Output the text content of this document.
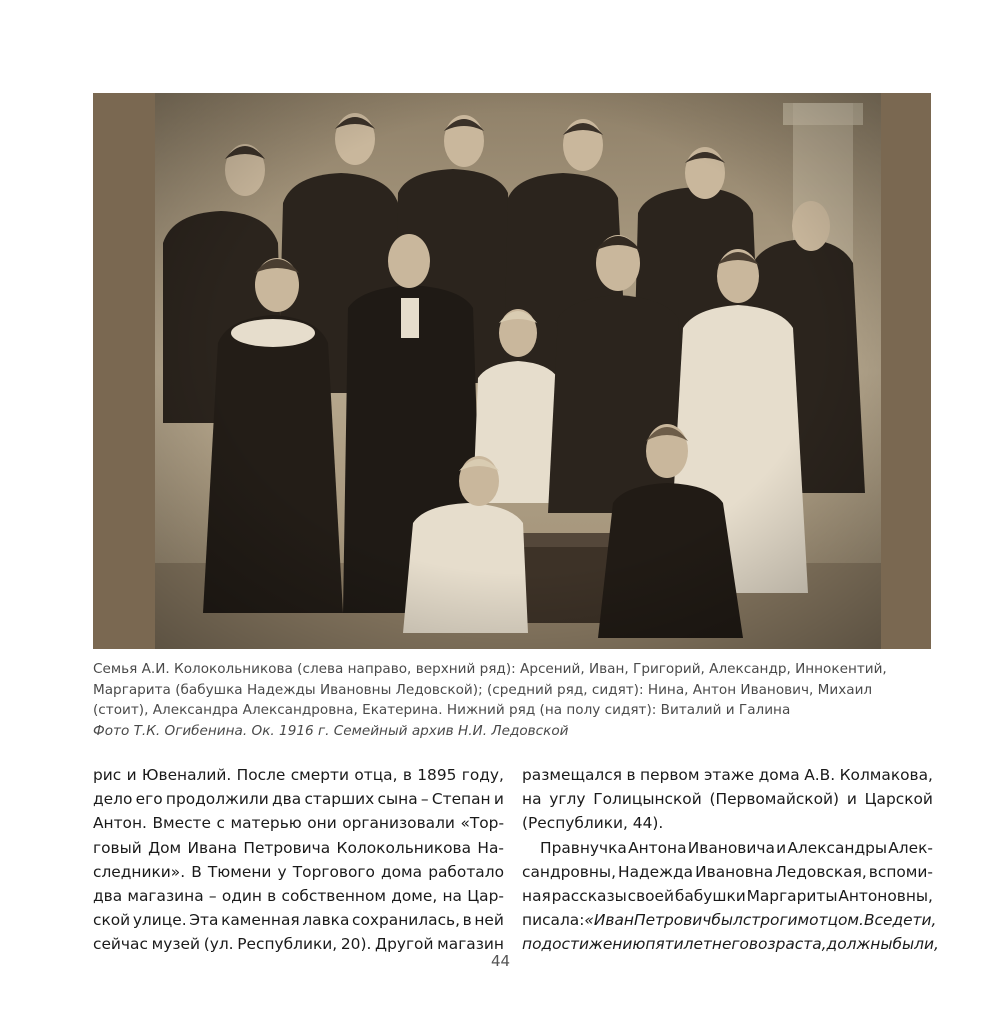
Семья А.И. Колокольникова (слева направо, верхний ряд): Арсений, Иван, Григорий, Александр, Иннокентий,
Маргарита (бабушка Надежды Ивановны Ледовской); (средний ряд, сидят): Нина, Антон Иванович, Михаил
(стоит), Александра Александровна, Екатерина. Нижний ряд (на полу сидят): Виталий и Галина
Фото Т.К. Огибенина. Ок. 1916 г. Семейный архив Н.И. Ледовской
рис и Ювеналий. После смерти отца, в 1895 году,
дело его продолжили два старших сына – Степан и
Антон. Вместе с матерью они организовали «Тор-
говый Дом Ивана Петровича Колокольникова На-
следники». В Тюмени у Торгового дома работало
два магазина – один в собственном доме, на Цар-
ской улице. Эта каменная лавка сохранилась, в ней
сейчас музей (ул. Республики, 20). Другой магазин
размещался в первом этаже дома А.В. Колмакова,
на углу Голицынской (Первомайской) и Царской
(Республики, 44).
Правнучка Антона Ивановича и Александры Алек-
сандровны, Надежда Ивановна Ледовская, вспоми-
ная рассказы своей бабушки Маргариты Антоновны,
писала: «Иван Петрович был строгим отцом. Все дети,
по достижению пятилетнего возраста, должны были,
44
